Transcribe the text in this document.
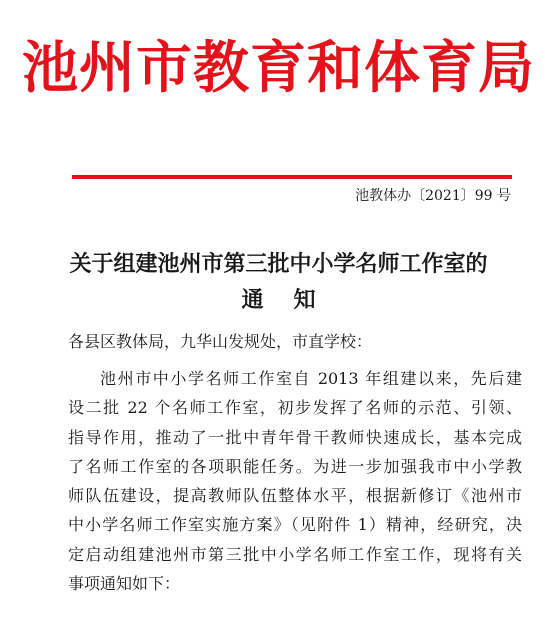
池州市教育和体育局
池教体办〔2021〕99 号
关于组建池州市第三批中小学名师工作室的
通 知
各县区教体局，九华山发规处，市直学校：
池州市中小学名师工作室自 2013 年组建以来，先后建
设二批 22 个名师工作室，初步发挥了名师的示范、引领、
指导作用，推动了一批中青年骨干教师快速成长，基本完成
了名师工作室的各项职能任务。为进一步加强我市中小学教
师队伍建设，提高教师队伍整体水平，根据新修订《池州市
中小学名师工作室实施方案》（见附件 1）精神，经研究，决
定启动组建池州市第三批中小学名师工作室工作，现将有关
事项通知如下：
